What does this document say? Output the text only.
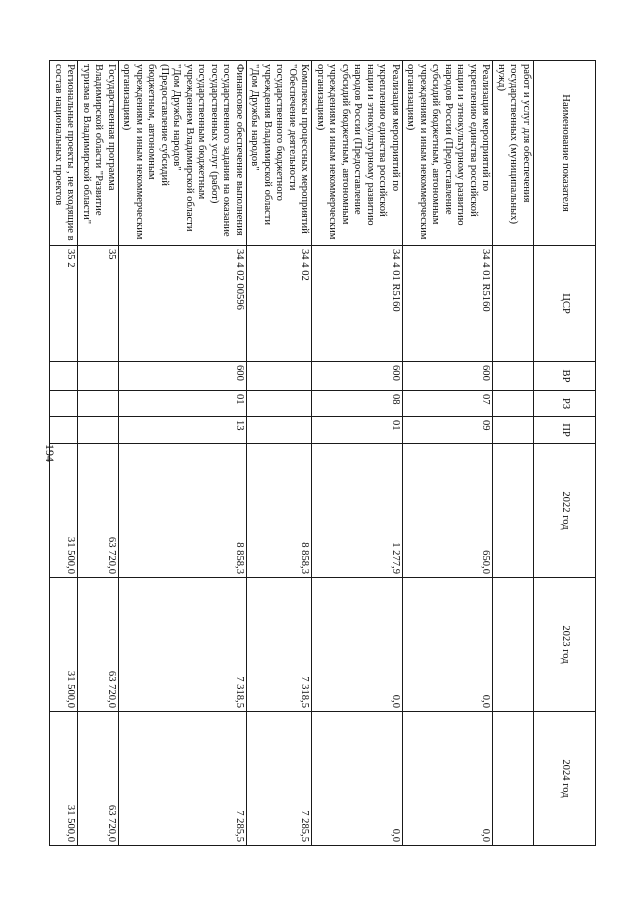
194
Наименование показателя	ЦСР	ВР	РЗ	ПР	2022 год	2023 год	2024 год
работ и услуг для обеспечения государственных (муниципальных) нужд)							
Реализация мероприятий по укреплению единства российской нации и этнокультурному развитию народов России (Предоставление субсидий бюджетным, автономным учреждениям и иным некоммерческим организациям)	34 4 01 R5160	600	07	09	650,0	0,0	0,0
Реализация мероприятий по укреплению единства российской нации и этнокультурному развитию народов России (Предоставление субсидий бюджетным, автономным учреждениям и иным некоммерческим организациям)	34 4 01 R5160	600	08	01	1 277,9	0,0	0,0
Комплексы процессных мероприятий "Обеспечение деятельности государственного бюджетного учреждения Владимирской области "Дом Дружбы народов"	34 4 02				8 858,3	7 318,5	7 285,5
Финансовое обеспечение выполнения государственного задания на оказание государственных услуг (работ) государственным бюджетным учреждением Владимирской области "Дом Дружбы народов" (Предоставление субсидий бюджетным, автономным учреждениям и иным некоммерческим организациям)	34 4 02 00596	600	01	13	8 858,3	7 318,5	7 285,5
Государственная программа Владимирской области "Развитие туризма во Владимирской области"	35				63 720,0	63 720,0	63 720,0
Региональные проекты , не входящие в состав национальных проектов	35 2				31 500,0	31 500,0	31 500,0
